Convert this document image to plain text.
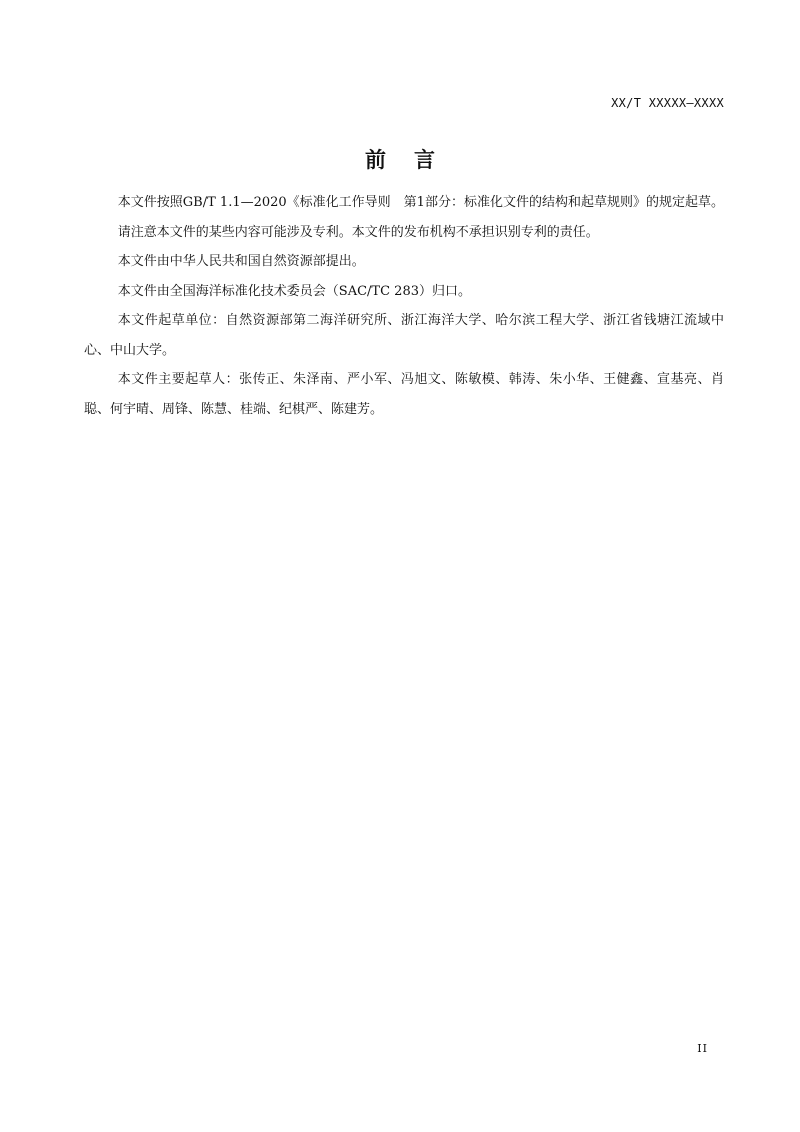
XX/T XXXXX—XXXX
前言

本文件按照GB/T 1.1—2020《标准化工作导则　第1部分：标准化文件的结构和起草规则》的规定起草。

请注意本文件的某些内容可能涉及专利。本文件的发布机构不承担识别专利的责任。

本文件由中华人民共和国自然资源部提出。

本文件由全国海洋标准化技术委员会（SAC/TC 283）归口。

本文件起草单位：自然资源部第二海洋研究所、浙江海洋大学、哈尔滨工程大学、浙江省钱塘江流域中心、中山大学。

本文件主要起草人：张传正、朱泽南、严小军、冯旭文、陈敏模、韩涛、朱小华、王健鑫、宣基亮、肖聪、何宇晴、周锋、陈慧、桂端、纪棋严、陈建芳。

II
